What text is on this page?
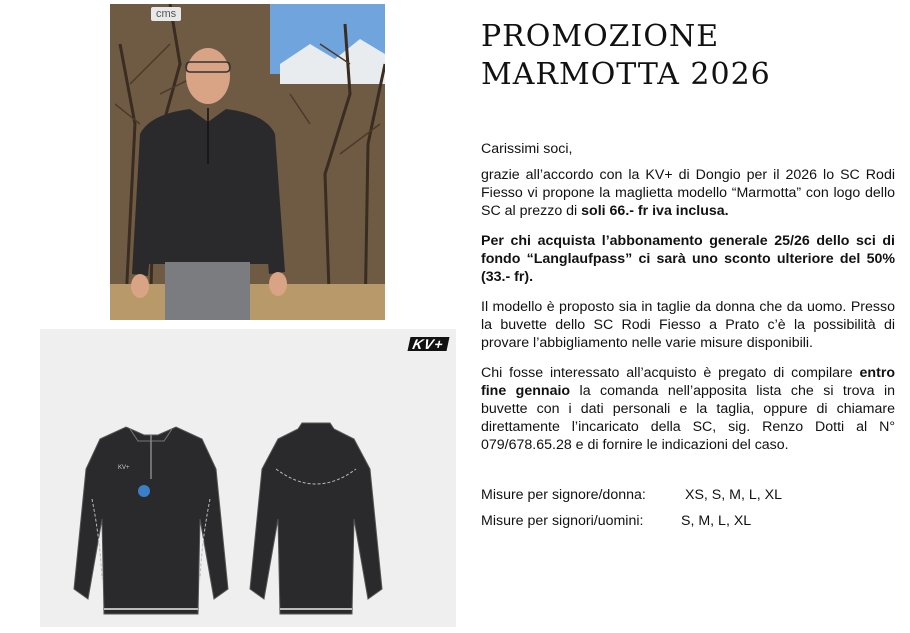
cms
KV+
KV+
PROMOZIONE
MARMOTTA 2026

Carissimi soci,

grazie all’accordo con la KV+ di Dongio per il 2026 lo SC Rodi Fiesso vi propone la maglietta modello “Marmotta” con logo dello SC al prezzo di soli 66.- fr iva inclusa.

Per chi acquista l’abbonamento generale 25/26 dello sci di fondo “Langlaufpass” ci sarà uno sconto ulteriore del 50% (33.- fr).

Il modello è proposto sia in taglie da donna che da uomo. Presso la buvette dello SC Rodi Fiesso a Prato c’è la possibilità di provare l’abbigliamento nelle varie misure disponibili.

Chi fosse interessato all’acquisto è pregato di compilare entro fine gennaio la comanda nell’apposita lista che si trova in buvette con i dati personali e la taglia, oppure di chiamare direttamente l’incaricato della SC, sig. Renzo Dotti al N° 079/678.65.28 e di fornire le indicazioni del caso.

Misure per signore/donna:	XS, S, M, L, XL
Misure per signori/uomini:	S, M, L, XL
